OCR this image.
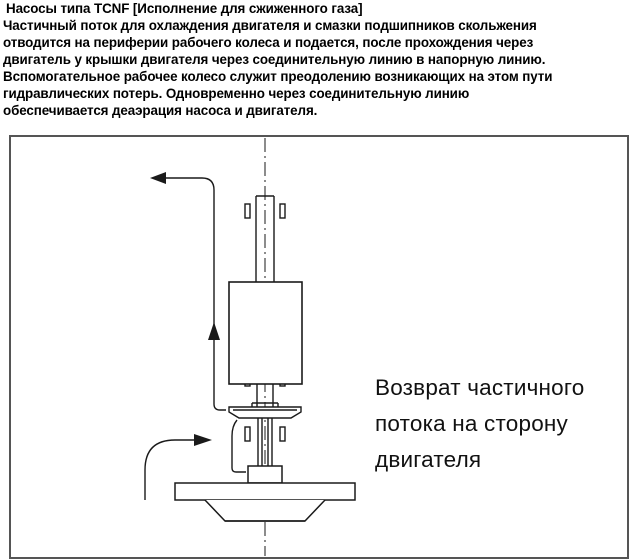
Насосы типа TCNF [Исполнение для сжиженного газа]
Частичный поток для охлаждения двигателя и смазки подшипников скольжения
отводится на периферии рабочего колеса и подается, после прохождения через
двигатель у крышки двигателя через соединительную линию в напорную линию.
Вспомогательное рабочее колесо служит преодолению возникающих на этом пути
гидравлических потерь. Одновременно через соединительную линию
обеспечивается деаэрация насоса и двигателя.
Возврат частичного
потока на сторону
двигателя
